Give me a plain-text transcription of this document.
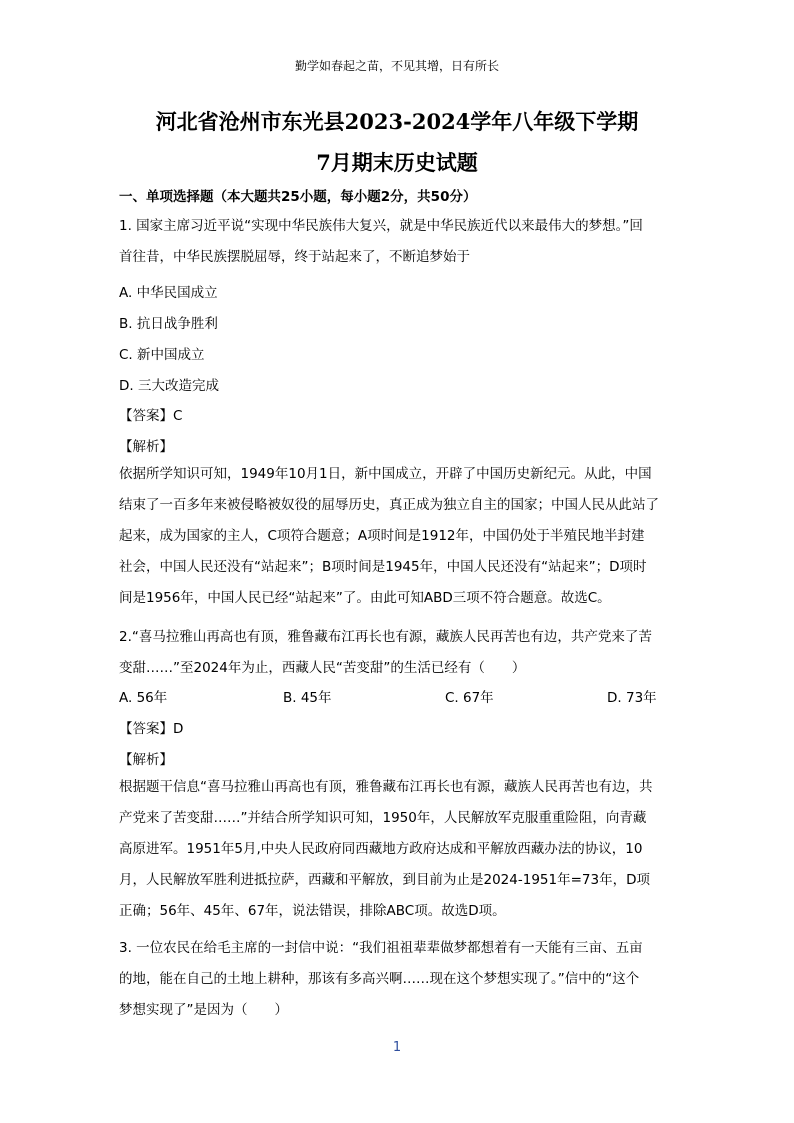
勤学如春起之苗，不见其增，日有所长
河北省沧州市东光县2023-2024学年八年级下学期
7月期末历史试题
一、单项选择题（本大题共25小题，每小题2分，共50分）
1. 国家主席习近平说“实现中华民族伟大复兴，就是中华民族近代以来最伟大的梦想。”回
首往昔，中华民族摆脱屈辱，终于站起来了，不断追梦始于
A. 中华民国成立
B. 抗日战争胜利
C. 新中国成立
D. 三大改造完成
【答案】C
【解析】
依据所学知识可知，1949年10月1日，新中国成立，开辟了中国历史新纪元。从此，中国
结束了一百多年来被侵略被奴役的屈辱历史，真正成为独立自主的国家；中国人民从此站了
起来，成为国家的主人，C项符合题意；A项时间是1912年，中国仍处于半殖民地半封建
社会，中国人民还没有“站起来”；B项时间是1945年，中国人民还没有“站起来”；D项时
间是1956年，中国人民已经“站起来”了。由此可知ABD三项不符合题意。故选C。
2.“喜马拉雅山再高也有顶，雅鲁藏布江再长也有源，藏族人民再苦也有边，共产党来了苦
变甜……”至2024年为止，西藏人民“苦变甜”的生活已经有（　　）
A. 56年	B. 45年	C. 67年	D. 73年
【答案】D
【解析】
根据题干信息“喜马拉雅山再高也有顶，雅鲁藏布江再长也有源，藏族人民再苦也有边，共
产党来了苦变甜……”并结合所学知识可知，1950年，人民解放军克服重重险阻，向青藏
高原进军。1951年5月,中央人民政府同西藏地方政府达成和平解放西藏办法的协议，10
月，人民解放军胜利进抵拉萨，西藏和平解放，到目前为止是2024-1951年=73年，D项
正确；56年、45年、67年，说法错误，排除ABC项。故选D项。
3. 一位农民在给毛主席的一封信中说：“我们祖祖辈辈做梦都想着有一天能有三亩、五亩
的地，能在自己的土地上耕种，那该有多高兴啊……现在这个梦想实现了。”信中的“这个
梦想实现了”是因为（　　）
1
